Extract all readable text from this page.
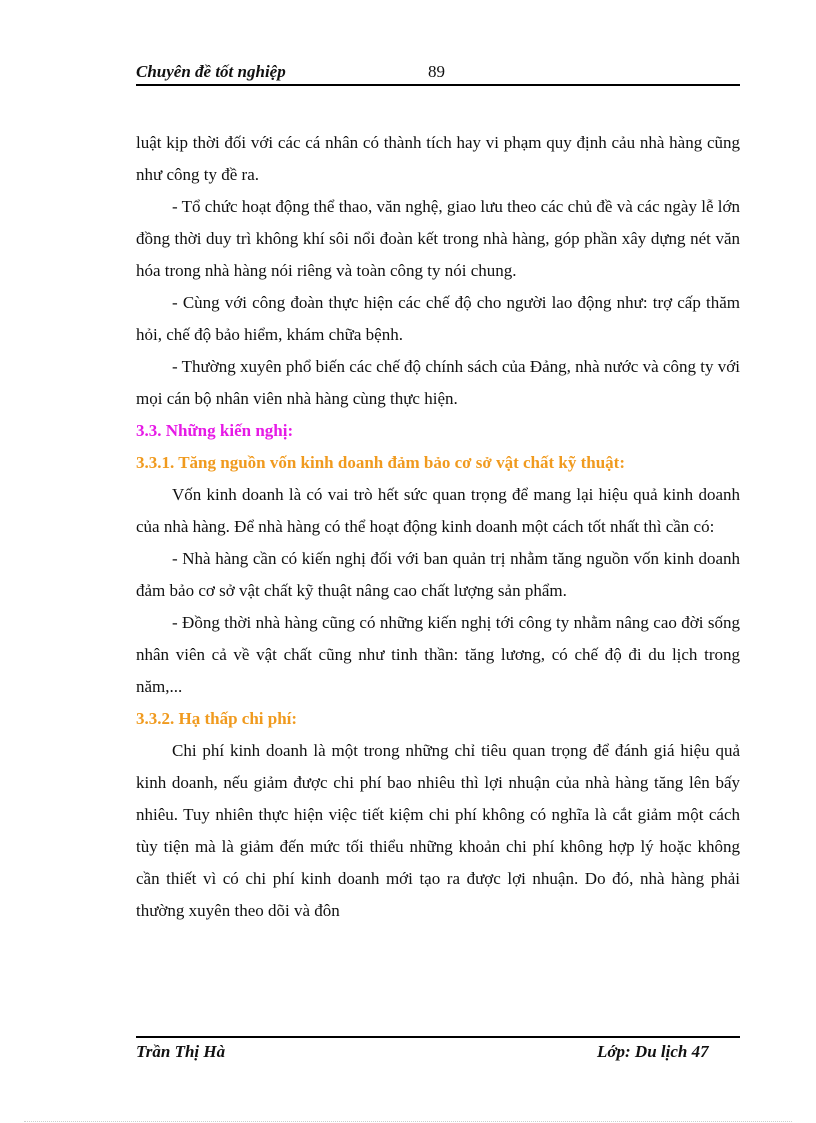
Chuyên đề tốt nghiệp	89

luật kịp thời đối với các cá nhân có thành tích hay vi phạm quy định cảu nhà hàng cũng như công ty đề ra.

- Tổ chức hoạt động thể thao, văn nghệ, giao lưu theo các chủ đề và các ngày lễ lớn đồng thời duy trì không khí sôi nổi đoàn kết trong nhà hàng, góp phần xây dựng nét văn hóa trong nhà hàng nói riêng và toàn công ty nói chung.

- Cùng với công đoàn thực hiện các chế độ cho người lao động như: trợ cấp thăm hỏi, chế độ bảo hiểm, khám chữa bệnh.

- Thường xuyên phổ biến các chế độ chính sách của Đảng, nhà nước và công ty với mọi cán bộ nhân viên nhà hàng cùng thực hiện.

3.3. Những kiến nghị:

3.3.1. Tăng nguồn vốn kinh doanh đảm bảo cơ sở vật chất kỹ thuật:

Vốn kinh doanh là có vai trò hết sức quan trọng để mang lại hiệu quả kinh doanh của nhà hàng. Để nhà hàng có thể hoạt động kinh doanh một cách tốt nhất thì cần có:

- Nhà hàng cần có kiến nghị đối với ban quản trị nhằm tăng nguồn vốn kinh doanh đảm bảo cơ sở vật chất kỹ thuật nâng cao chất lượng sản phẩm.

- Đồng thời nhà hàng cũng có những kiến nghị tới công ty nhằm nâng cao đời sống nhân viên cả về vật chất cũng như tinh thần: tăng lương, có chế độ đi du lịch trong năm,...

3.3.2. Hạ thấp chi phí:

Chi phí kinh doanh là một trong những chỉ tiêu quan trọng để đánh giá hiệu quả kinh doanh, nếu giảm được chi phí bao nhiêu thì lợi nhuận của nhà hàng tăng lên bấy nhiêu. Tuy nhiên thực hiện việc tiết kiệm chi phí không có nghĩa là cắt giảm một cách tùy tiện mà là giảm đến mức tối thiểu những khoản chi phí không hợp lý hoặc không cần thiết vì có chi phí kinh doanh mới tạo ra được lợi nhuận. Do đó, nhà hàng phải thường xuyên theo dõi và đôn

Trần Thị Hà	Lớp: Du lịch 47
